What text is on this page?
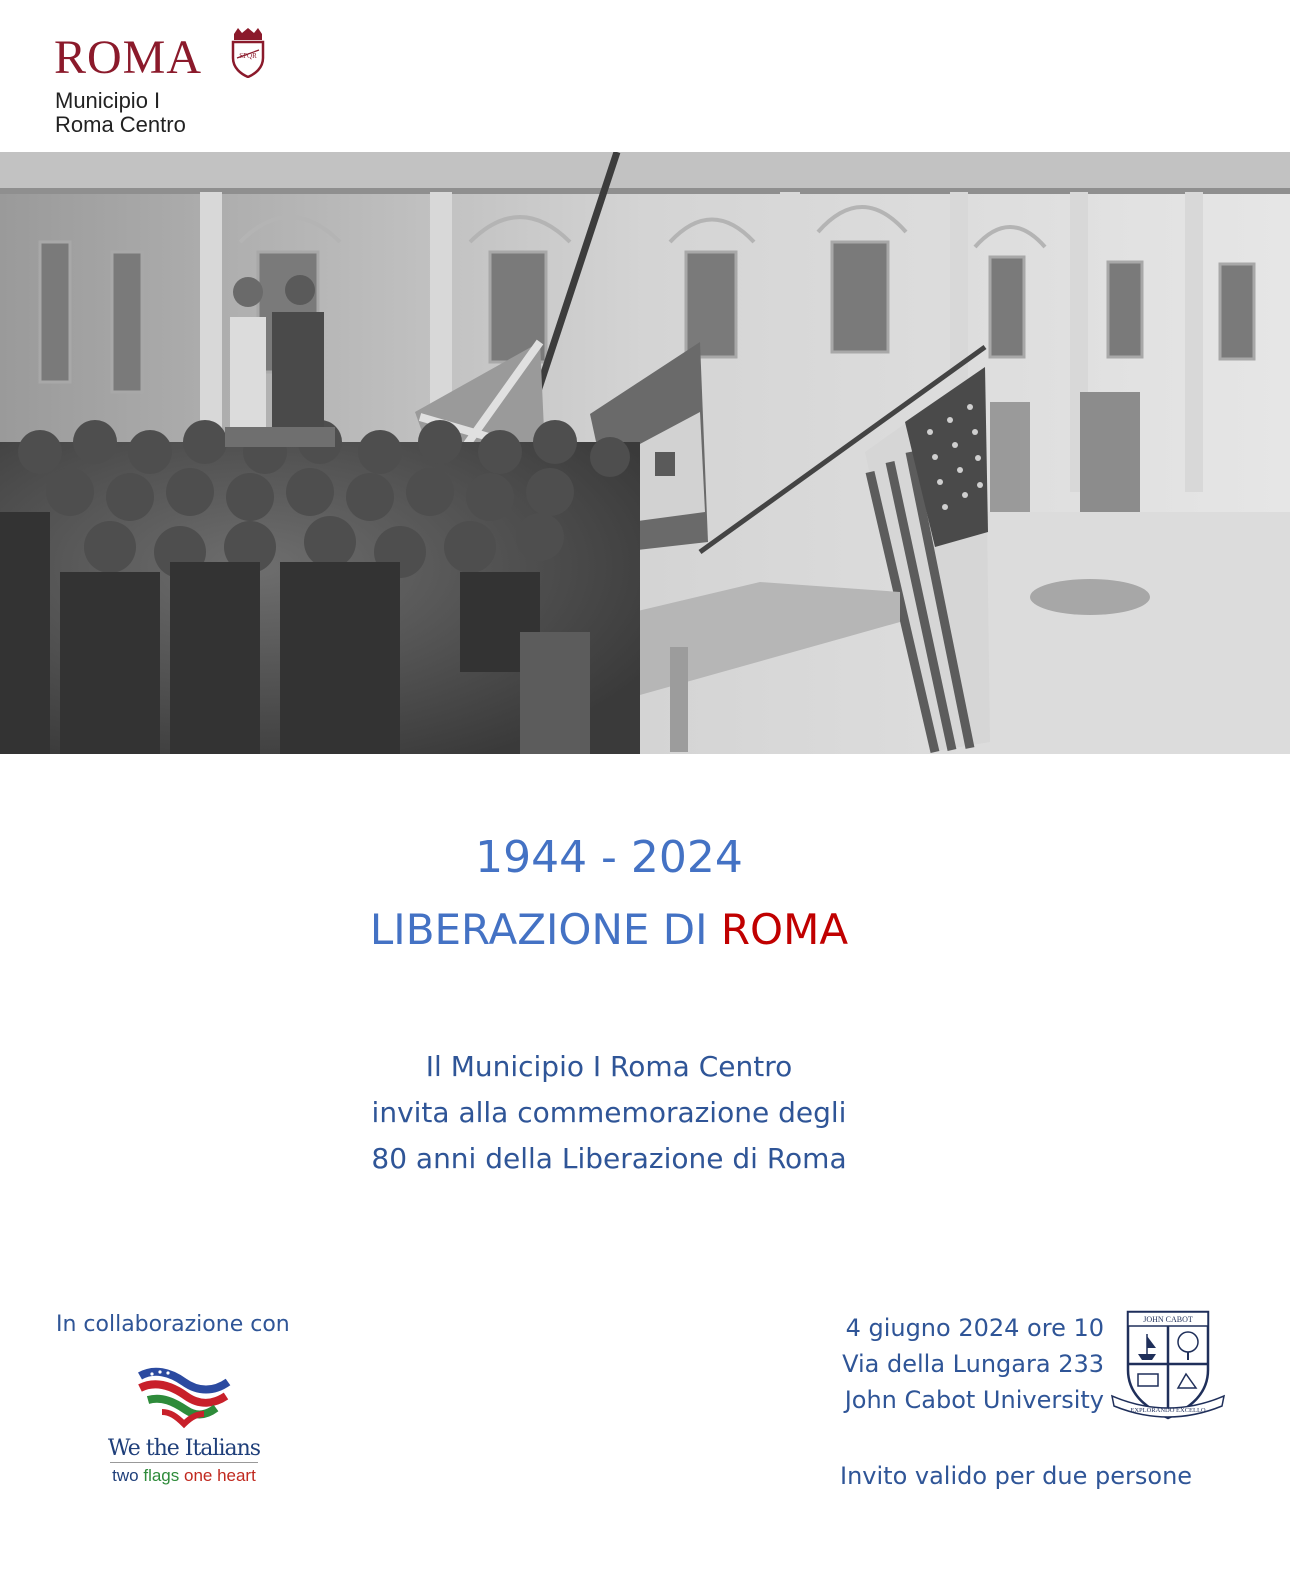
ROMA	SPQR
Municipio I
Roma Centro
1944 - 2024
LIBERAZIONE DI ROMA
Il Municipio I Roma Centro
invita alla commemorazione degli
80 anni della Liberazione di Roma
In collaborazione con
We the Italians
two flags one heart
4 giugno 2024 ore 10
Via della Lungara 233
John Cabot University
JOHN CABOT
EXPLORANDO EXCELLO
Invito valido per due persone
